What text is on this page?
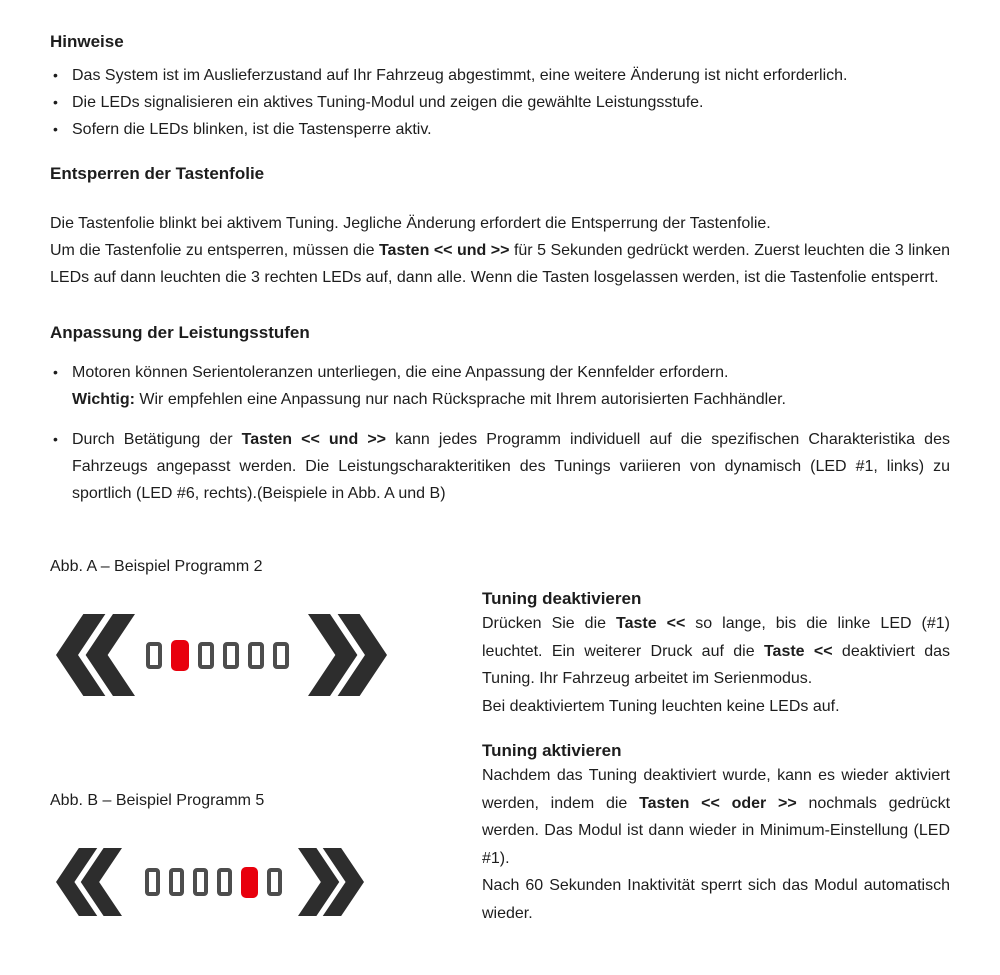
Hinweise
• Das System ist im Auslieferzustand auf Ihr Fahrzeug abgestimmt, eine weitere Änderung ist nicht erforderlich.

• Die LEDs signalisieren ein aktives Tuning-Modul und zeigen die gewählte Leistungsstufe.

• Sofern die LEDs blinken, ist die Tastensperre aktiv.

Entsperren der Tastenfolie

Die Tastenfolie blinkt bei aktivem Tuning. Jegliche Änderung erfordert die Entsperrung der Tastenfolie.

Um die Tastenfolie zu entsperren, müssen die Tasten << und >> für 5 Sekunden gedrückt werden. Zuerst leuchten die 3 linken LEDs auf dann leuchten die 3 rechten LEDs auf, dann alle. Wenn die Tasten losgelassen werden, ist die Tastenfolie entsperrt.

Anpassung der Leistungsstufen
• Motoren können Serientoleranzen unterliegen, die eine Anpassung der Kennfelder erfordern.
Wichtig: Wir empfehlen eine Anpassung nur nach Rücksprache mit Ihrem autorisierten Fachhändler.

• Durch Betätigung der Tasten << und >> kann jedes Programm individuell auf die spezifischen Charakteristika des Fahrzeugs angepasst werden. Die Leistungscharakteritiken des Tunings variieren von dynamisch (LED #1, links) zu sportlich (LED #6, rechts).(Beispiele in Abb. A und B)

Abb. A – Beispiel Programm 2

Abb. B – Beispiel Programm 5

Tuning deaktivieren

Drücken Sie die Taste << so lange, bis die linke LED (#1) leuchtet. Ein weiterer Druck auf die Taste << deaktiviert das Tuning. Ihr Fahrzeug arbeitet im Serienmodus.

Bei deaktiviertem Tuning leuchten keine LEDs auf.

Tuning aktivieren

Nachdem das Tuning deaktiviert wurde, kann es wieder aktiviert werden, indem die Tasten << oder >> nochmals gedrückt werden. Das Modul ist dann wieder in Minimum-Einstellung (LED #1).

Nach 60 Sekunden Inaktivität sperrt sich das Modul automatisch wieder.
